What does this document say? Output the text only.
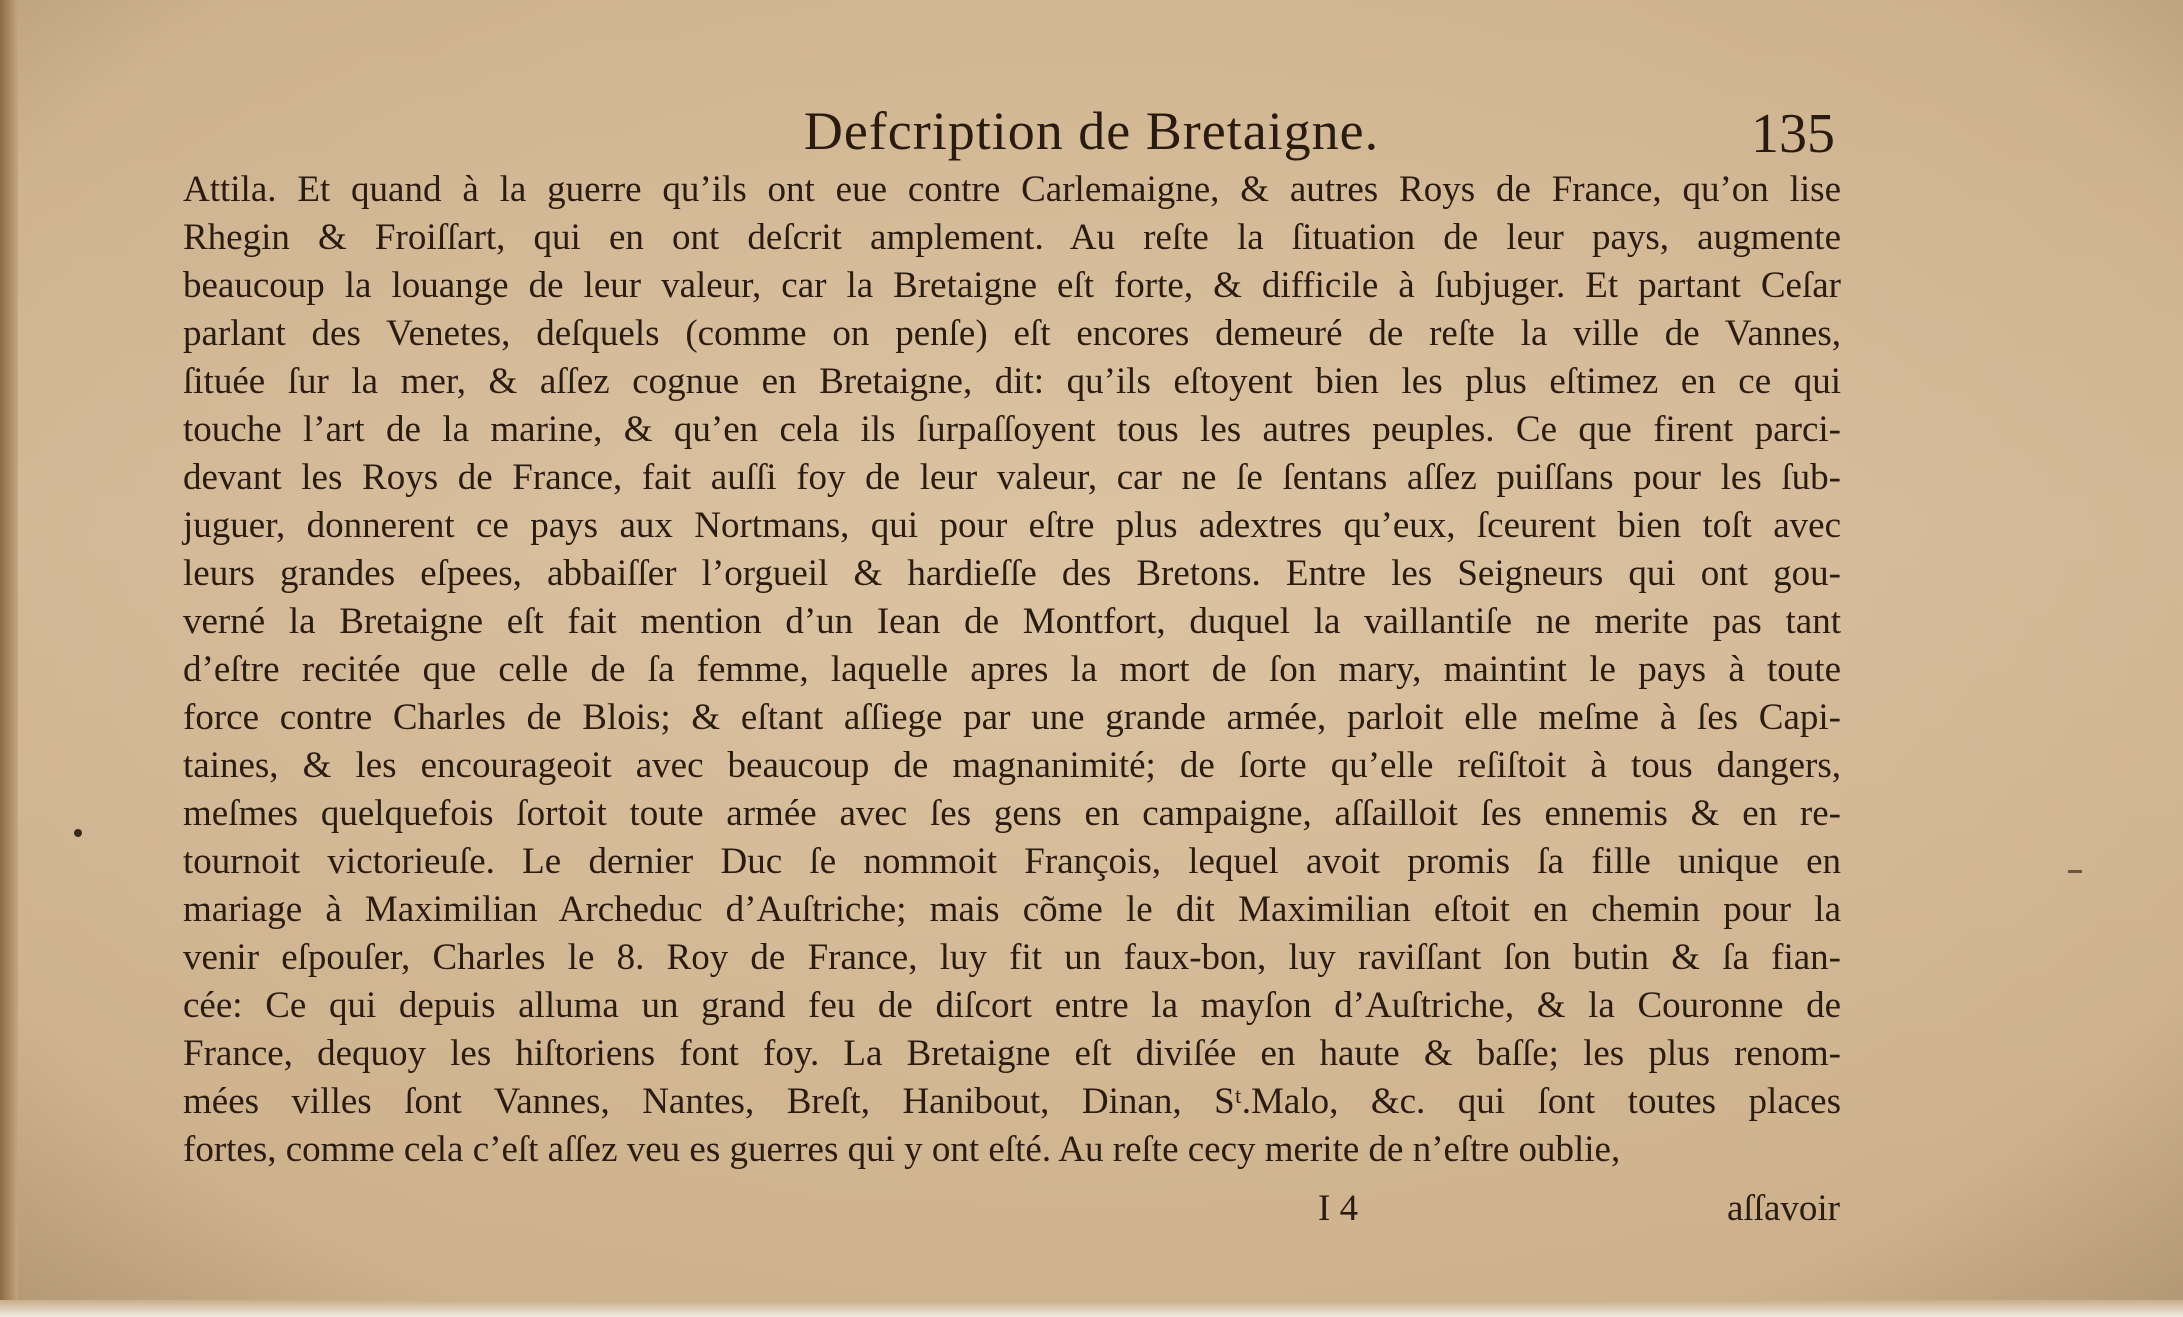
Defcription de Bretaigne.	135
Attila. Et quand à la guerre qu’ils ont eue contre Carlemaigne, & autres Roys de France, qu’on lise
Rhegin & Froiſſart, qui en ont deſcrit amplement. Au reſte la ſituation de leur pays, augmente
beaucoup la louange de leur valeur, car la Bretaigne eſt forte, & difficile à ſubjuger. Et partant Ceſar
parlant des Venetes, deſquels (comme on penſe) eſt encores demeuré de reſte la ville de Vannes,
ſituée ſur la mer, & aſſez cognue en Bretaigne, dit: qu’ils eſtoyent bien les plus eſtimez en ce qui
touche l’art de la marine, & qu’en cela ils ſurpaſſoyent tous les autres peuples. Ce que firent parci-
devant les Roys de France, fait auſſi foy de leur valeur, car ne ſe ſentans aſſez puiſſans pour les ſub-
juguer, donnerent ce pays aux Nortmans, qui pour eſtre plus adextres qu’eux, ſceurent bien toſt avec
leurs grandes eſpees, abbaiſſer l’orgueil & hardieſſe des Bretons. Entre les Seigneurs qui ont gou-
verné la Bretaigne eſt fait mention d’un Iean de Montfort, duquel la vaillantiſe ne merite pas tant
d’eſtre recitée que celle de ſa femme, laquelle apres la mort de ſon mary, maintint le pays à toute
force contre Charles de Blois; & eſtant aſſiege par une grande armée, parloit elle meſme à ſes Capi-
taines, & les encourageoit avec beaucoup de magnanimité; de ſorte qu’elle reſiſtoit à tous dangers,
meſmes quelquefois ſortoit toute armée avec ſes gens en campaigne, aſſailloit ſes ennemis & en re-
tournoit victorieuſe. Le dernier Duc ſe nommoit François, lequel avoit promis ſa fille unique en
mariage à Maximilian Archeduc d’Auſtriche; mais cõme le dit Maximilian eſtoit en chemin pour la
venir eſpouſer, Charles le 8. Roy de France, luy fit un faux-bon, luy raviſſant ſon butin & ſa fian-
cée: Ce qui depuis alluma un grand feu de diſcort entre la mayſon d’Auſtriche, & la Couronne de
France, dequoy les hiſtoriens font foy. La Bretaigne eſt diviſée en haute & baſſe; les plus renom-
mées villes ſont Vannes, Nantes, Breſt, Hanibout, Dinan, Sᵗ.Malo, &c. qui ſont toutes places
fortes, comme cela c’eſt aſſez veu es guerres qui y ont eſté. Au reſte cecy merite de n’eſtre oublie,
I 4	aſſavoir
